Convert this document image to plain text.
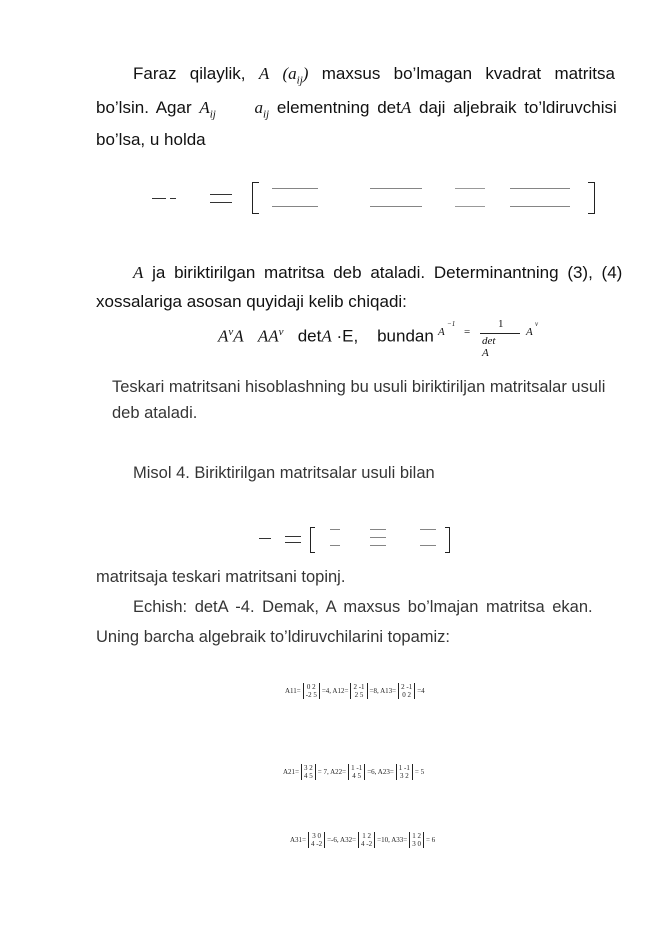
Faraz qilaylik, A $(a_{ij})$ maxsus bo’lmagan kvadrat matritsa
bo’lsin. Agar $A_{ij}$ $a_{ij}$ elementning detA daji aljebraik to’ldiruvchisi
bo’lsa, u holda
A ja biriktirilgan matritsa deb ataladi. Determinantning (3), (4)
xossalariga asosan quyidaji kelib chiqadi:
$A^vA$ $AA^v$ detA ·E, bundan A
−1
=
1
det A
A
v
Teskari matritsani hisoblashning bu usuli biriktiriljan matritsalar usuli
deb ataladi.
Misol 4. Biriktirilgan matritsalar usuli bilan
matritsaja teskari matritsani topinj.
Echish: detA -4. Demak, A maxsus bo’lmajan matritsa ekan.
Uning barcha algebraik to’ldiruvchilarini topamiz:
A11= 0 2
-2 5=4, A12= 2 -1
2 5=8, A13= 2 -1
0 2=4
A21= 3 2
4 5= 7, A22= 1 -1
4 5=6, A23= 1 -1
3 2= 5
A31= 3 0
4 -2=-6, A32= 1 2
4 -2=10, A33= 1 2
3 0= 6
